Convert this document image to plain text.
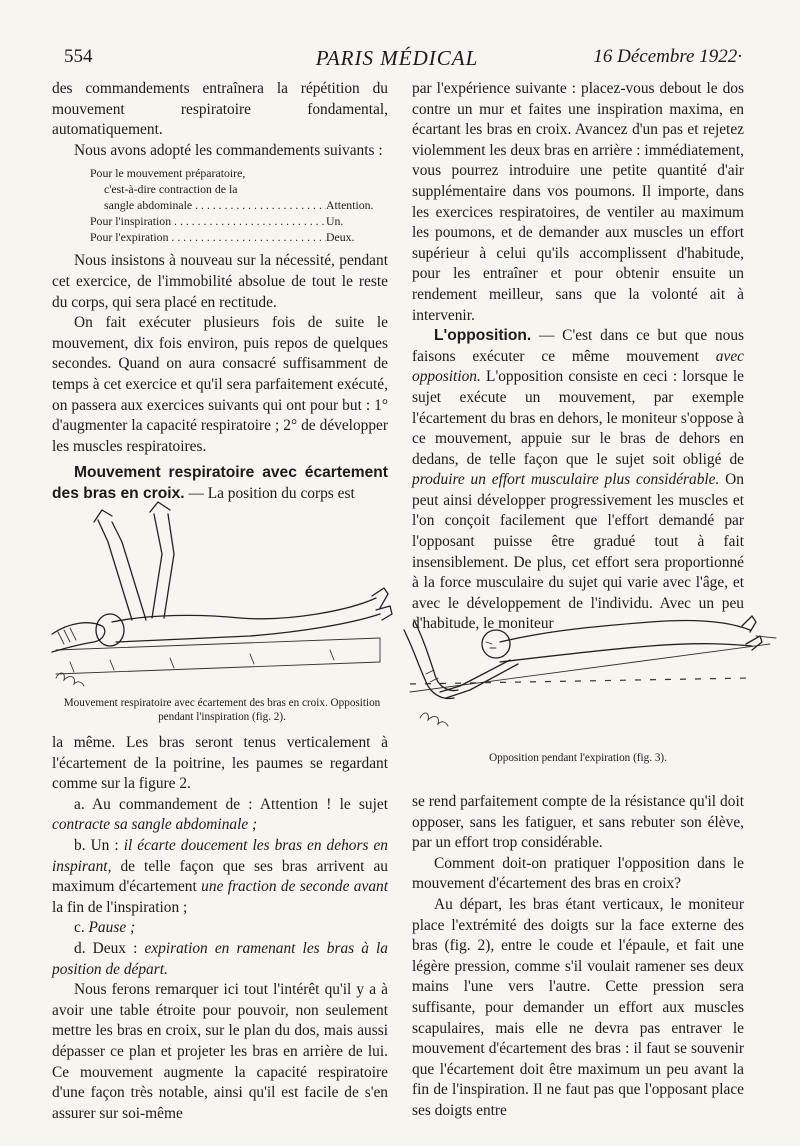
554	PARIS MÉDICAL	16 Décembre 1922·

des commandements entraînera la répétition du mouvement respiratoire fondamental, automatiquement.

Nous avons adopté les commandements suivants :

Pour le mouvement préparatoire,
c'est-à-dire contraction de la
sangle abdominale . . .	Attention.
Pour l'inspiration . . .	Un.
Pour l'expiration . . .	Deux.

Nous insistons à nouveau sur la nécessité, pendant cet exercice, de l'immobilité absolue de tout le reste du corps, qui sera placé en rectitude.

On fait exécuter plusieurs fois de suite le mouvement, dix fois environ, puis repos de quelques secondes. Quand on aura consacré suffisamment de temps à cet exercice et qu'il sera parfaitement exécuté, on passera aux exercices suivants qui ont pour but : 1° d'augmenter la capacité respiratoire ; 2° de développer les muscles respiratoires.

Mouvement respiratoire avec écartement des bras en croix. — La position du corps est

Mouvement respiratoire avec écartement des bras en croix. Opposition pendant l'inspiration (fig. 2).

la même. Les bras seront tenus verticalement à l'écartement de la poitrine, les paumes se regardant comme sur la figure 2.

a. Au commandement de : Attention ! le sujet contracte sa sangle abdominale ;

b. Un : il écarte doucement les bras en dehors en inspirant, de telle façon que ses bras arrivent au maximum d'écartement une fraction de seconde avant la fin de l'inspiration ;

c. Pause ;

d. Deux : expiration en ramenant les bras à la position de départ.

Nous ferons remarquer ici tout l'intérêt qu'il y a à avoir une table étroite pour pouvoir, non seulement mettre les bras en croix, sur le plan du dos, mais aussi dépasser ce plan et projeter les bras en arrière de lui. Ce mouvement augmente la capacité respiratoire d'une façon très notable, ainsi qu'il est facile de s'en assurer sur soi-même

par l'expérience suivante : placez-vous debout le dos contre un mur et faites une inspiration maxima, en écartant les bras en croix. Avancez d'un pas et rejetez violemment les deux bras en arrière : immédiatement, vous pourrez introduire une petite quantité d'air supplémentaire dans vos poumons. Il importe, dans les exercices respiratoires, de ventiler au maximum les poumons, et de demander aux muscles un effort supérieur à celui qu'ils accomplissent d'habitude, pour les entraîner et pour obtenir ensuite un rendement meilleur, sans que la volonté ait à intervenir.

L'opposition. — C'est dans ce but que nous faisons exécuter ce même mouvement avec opposition. L'opposition consiste en ceci : lorsque le sujet exécute un mouvement, par exemple l'écartement du bras en dehors, le moniteur s'oppose à ce mouvement, appuie sur le bras de dehors en dedans, de telle façon que le sujet soit obligé de produire un effort musculaire plus considérable. On peut ainsi développer progressivement les muscles et l'on conçoit facilement que l'effort demandé par l'opposant puisse être gradué tout à fait insensiblement. De plus, cet effort sera proportionné à la force musculaire du sujet qui varie avec l'âge, et avec le développement de l'individu. Avec un peu d'habitude, le moniteur

Opposition pendant l'expiration (fig. 3).

se rend parfaitement compte de la résistance qu'il doit opposer, sans les fatiguer, et sans rebuter son élève, par un effort trop considérable.

Comment doit-on pratiquer l'opposition dans le mouvement d'écartement des bras en croix?

Au départ, les bras étant verticaux, le moniteur place l'extrémité des doigts sur la face externe des bras (fig. 2), entre le coude et l'épaule, et fait une légère pression, comme s'il voulait ramener ses deux mains l'une vers l'autre. Cette pression sera suffisante, pour demander un effort aux muscles scapulaires, mais elle ne devra pas entraver le mouvement d'écartement des bras : il faut se souvenir que l'écartement doit être maximum un peu avant la fin de l'inspiration. Il ne faut pas que l'opposant place ses doigts entre
